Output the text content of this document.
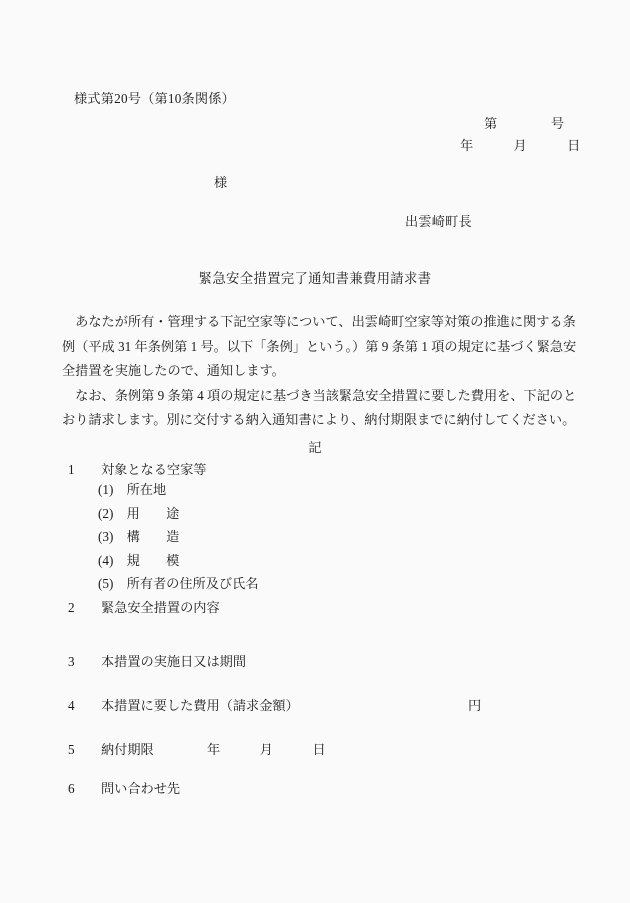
様式第20号（第10条関係）
第　　　　号
年　　　月　　　日
様
出雲崎町長
緊急安全措置完了通知書兼費用請求書

　あなたが所有・管理する下記空家等について、出雲崎町空家等対策の推進に関する条

例（平成 31 年条例第 1 号。以下「条例」という。）第 9 条第 1 項の規定に基づく緊急安

全措置を実施したので、通知します。

　なお、条例第 9 条第 4 項の規定に基づき当該緊急安全措置に要した費用を、下記のと

おり請求します。別に交付する納入通知書により、納付期限までに納付してください。

記
1　　対象となる空家等
(1)　所在地
(2)　用　　途
(3)　構　　造
(4)　規　　模
(5)　所有者の住所及び氏名
2　　緊急安全措置の内容
3　　本措置の実施日又は期間
4　　本措置に要した費用（請求金額）	円
5　　納付期限	年　　　月　　　日
6　　問い合わせ先
